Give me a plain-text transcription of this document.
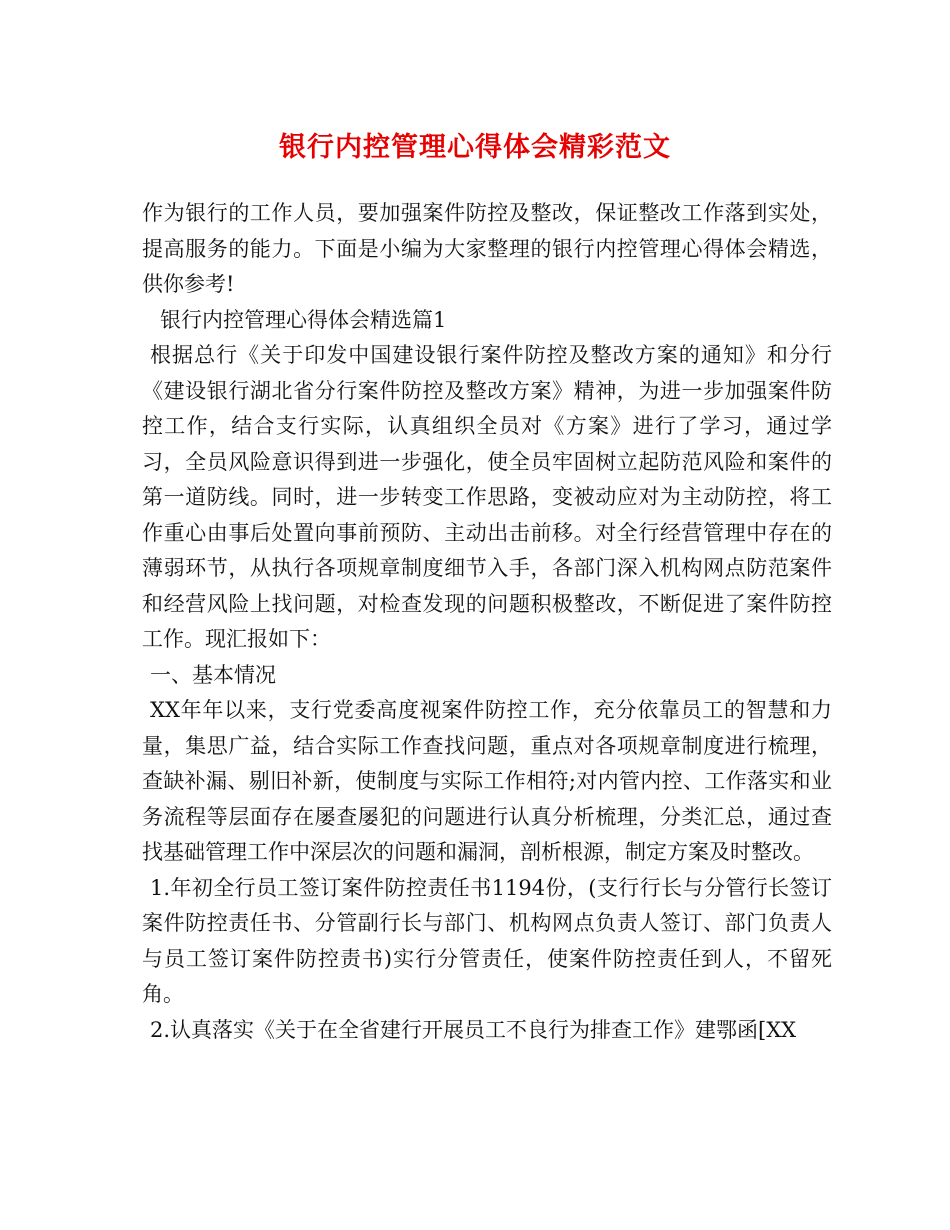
银行内控管理心得体会精彩范文

作为银行的工作人员，要加强案件防控及整改，保证整改工作落到实处，提高服务的能力。下面是小编为大家整理的银行内控管理心得体会精选，供你参考!

银行内控管理心得体会精选篇1

根据总行《关于印发中国建设银行案件防控及整改方案的通知》和分行《建设银行湖北省分行案件防控及整改方案》精神，为进一步加强案件防控工作，结合支行实际，认真组织全员对《方案》进行了学习，通过学习，全员风险意识得到进一步强化，使全员牢固树立起防范风险和案件的第一道防线。同时，进一步转变工作思路，变被动应对为主动防控，将工作重心由事后处置向事前预防、主动出击前移。对全行经营管理中存在的薄弱环节，从执行各项规章制度细节入手，各部门深入机构网点防范案件和经营风险上找问题，对检查发现的问题积极整改，不断促进了案件防控工作。现汇报如下：

一、基本情况

XX年年以来，支行党委高度视案件防控工作，充分依靠员工的智慧和力量，集思广益，结合实际工作查找问题，重点对各项规章制度进行梳理，查缺补漏、剔旧补新，使制度与实际工作相符;对内管内控、工作落实和业务流程等层面存在屡查屡犯的问题进行认真分析梳理，分类汇总，通过查找基础管理工作中深层次的问题和漏洞，剖析根源，制定方案及时整改。

1.年初全行员工签订案件防控责任书1194份，(支行行长与分管行长签订案件防控责任书、分管副行长与部门、机构网点负责人签订、部门负责人与员工签订案件防控责书)实行分管责任，使案件防控责任到人，不留死角。

2.认真落实《关于在全省建行开展员工不良行为排查工作》建鄂函[XX
